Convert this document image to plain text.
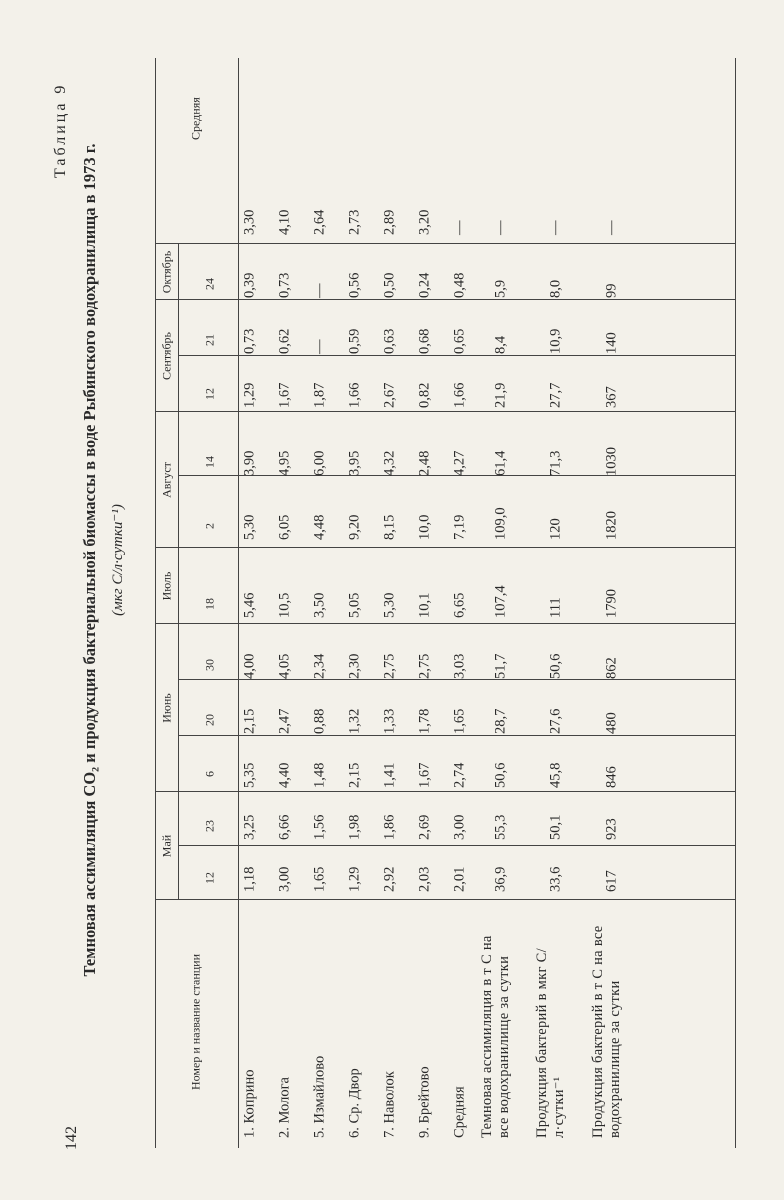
142
Таблица 9
Темновая ассимиляция CO₂ и продукция бактериальной биомассы в воде Рыбинского водохранилища в 1973 г. (мкг C/л·сутки⁻¹)
Номер и название станции
Средняя
Май
12
23
Июнь
6
20
30
Июль
18
Август
2
14
Сентябрь
12
21
Октябрь 24
1. Коприно
1,18
3,25
5,35
2,15
4,00
5,46
5,30
3,90
1,29
0,73
0,39
3,30
2. Молога
3,00
6,66
4,40
2,47
4,05
10,5
6,05
4,95
1,67
0,62
0,73
4,10
5. Измайлово
1,65
1,56
1,48
0,88
2,34
3,50
4,48
6,00
1,87
—
—
2,64
6. Ср. Двор
1,29
1,98
2,15
1,32
2,30
5,05
9,20
3,95
1,66
0,59
0,56
2,73
7. Наволок
2,92
1,86
1,41
1,33
2,75
5,30
8,15
4,32
2,67
0,63
0,50
2,89
9. Брейтово
2,03
2,69
1,67
1,78
2,75
10,1
10,0
2,48
0,82
0,68
0,24
3,20
Средняя
2,01
3,00
2,74
1,65
3,03
6,65
7,19
4,27
1,66
0,65
0,48
—
Темновая ассимиляция в т С на все водохранилище за сутки
36,9
55,3
50,6
28,7
51,7
107,4
109,0
61,4
21,9
8,4
5,9
—
Продукция бактерий в мкг С/л·сутки⁻¹
33,6
50,1
45,8
27,6
50,6
111
120
71,3
27,7
10,9
8,0
—
Продукция бактерий в т С на все водохранилище за сутки
617
923
846
480
862
1790
1820
1030
367
140
99
—
